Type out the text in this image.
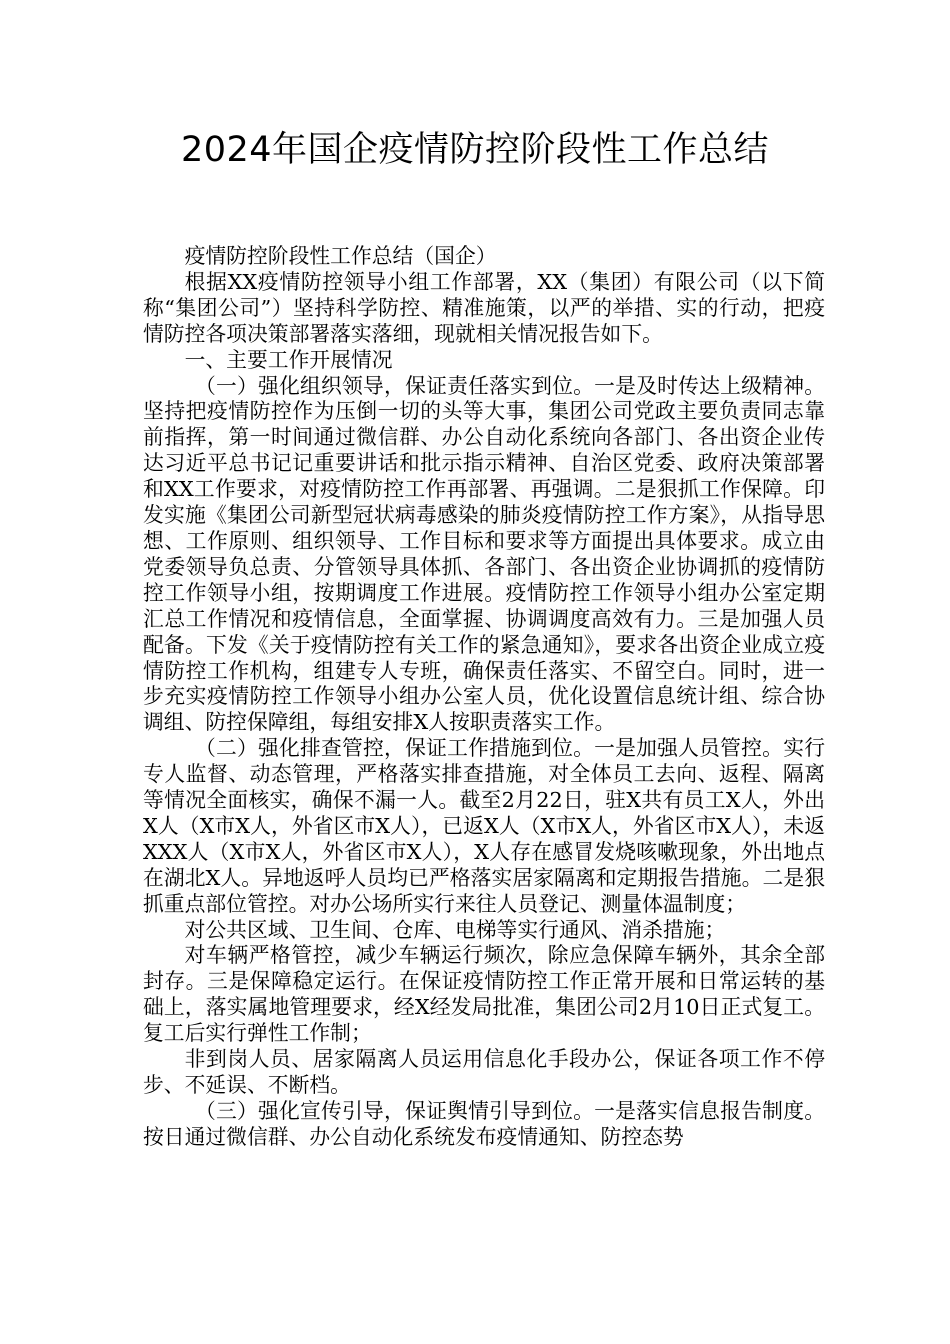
2024年国企疫情防控阶段性工作总结

疫情防控阶段性工作总结（国企）

根据XX疫情防控领导小组工作部署，XX（集团）有限公司（以下简称“集团公司”）坚持科学防控、精准施策，以严的举措、实的行动，把疫情防控各项决策部署落实落细，现就相关情况报告如下。

一、主要工作开展情况

（一）强化组织领导，保证责任落实到位。一是及时传达上级精神。坚持把疫情防控作为压倒一切的头等大事，集团公司党政主要负责同志靠前指挥，第一时间通过微信群、办公自动化系统向各部门、各出资企业传达习近平总书记记重要讲话和批示指示精神、自治区党委、政府决策部署和XX工作要求，对疫情防控工作再部署、再强调。二是狠抓工作保障。印发实施《集团公司新型冠状病毒感染的肺炎疫情防控工作方案》，从指导思想、工作原则、组织领导、工作目标和要求等方面提出具体要求。成立由党委领导负总责、分管领导具体抓、各部门、各出资企业协调抓的疫情防控工作领导小组，按期调度工作进展。疫情防控工作领导小组办公室定期汇总工作情况和疫情信息，全面掌握、协调调度高效有力。三是加强人员配备。下发《关于疫情防控有关工作的紧急通知》，要求各出资企业成立疫情防控工作机构，组建专人专班，确保责任落实、不留空白。同时，进一步充实疫情防控工作领导小组办公室人员，优化设置信息统计组、综合协调组、防控保障组，每组安排X人按职责落实工作。

（二）强化排查管控，保证工作措施到位。一是加强人员管控。实行专人监督、动态管理，严格落实排查措施，对全体员工去向、返程、隔离等情况全面核实，确保不漏一人。截至2月22日，驻X共有员工X人，外出X人（X市X人，外省区市X人），已返X人（X市X人，外省区市X人），未返XXX人（X市X人，外省区市X人），X人存在感冒发烧咳嗽现象，外出地点在湖北X人。异地返呼人员均已严格落实居家隔离和定期报告措施。二是狠抓重点部位管控。对办公场所实行来往人员登记、测量体温制度；

对公共区域、卫生间、仓库、电梯等实行通风、消杀措施；

对车辆严格管控，减少车辆运行频次，除应急保障车辆外，其余全部封存。三是保障稳定运行。在保证疫情防控工作正常开展和日常运转的基础上，落实属地管理要求，经X经发局批准，集团公司2月10日正式复工。复工后实行弹性工作制；

非到岗人员、居家隔离人员运用信息化手段办公，保证各项工作不停步、不延误、不断档。

（三）强化宣传引导，保证舆情引导到位。一是落实信息报告制度。按日通过微信群、办公自动化系统发布疫情通知、防控态势
